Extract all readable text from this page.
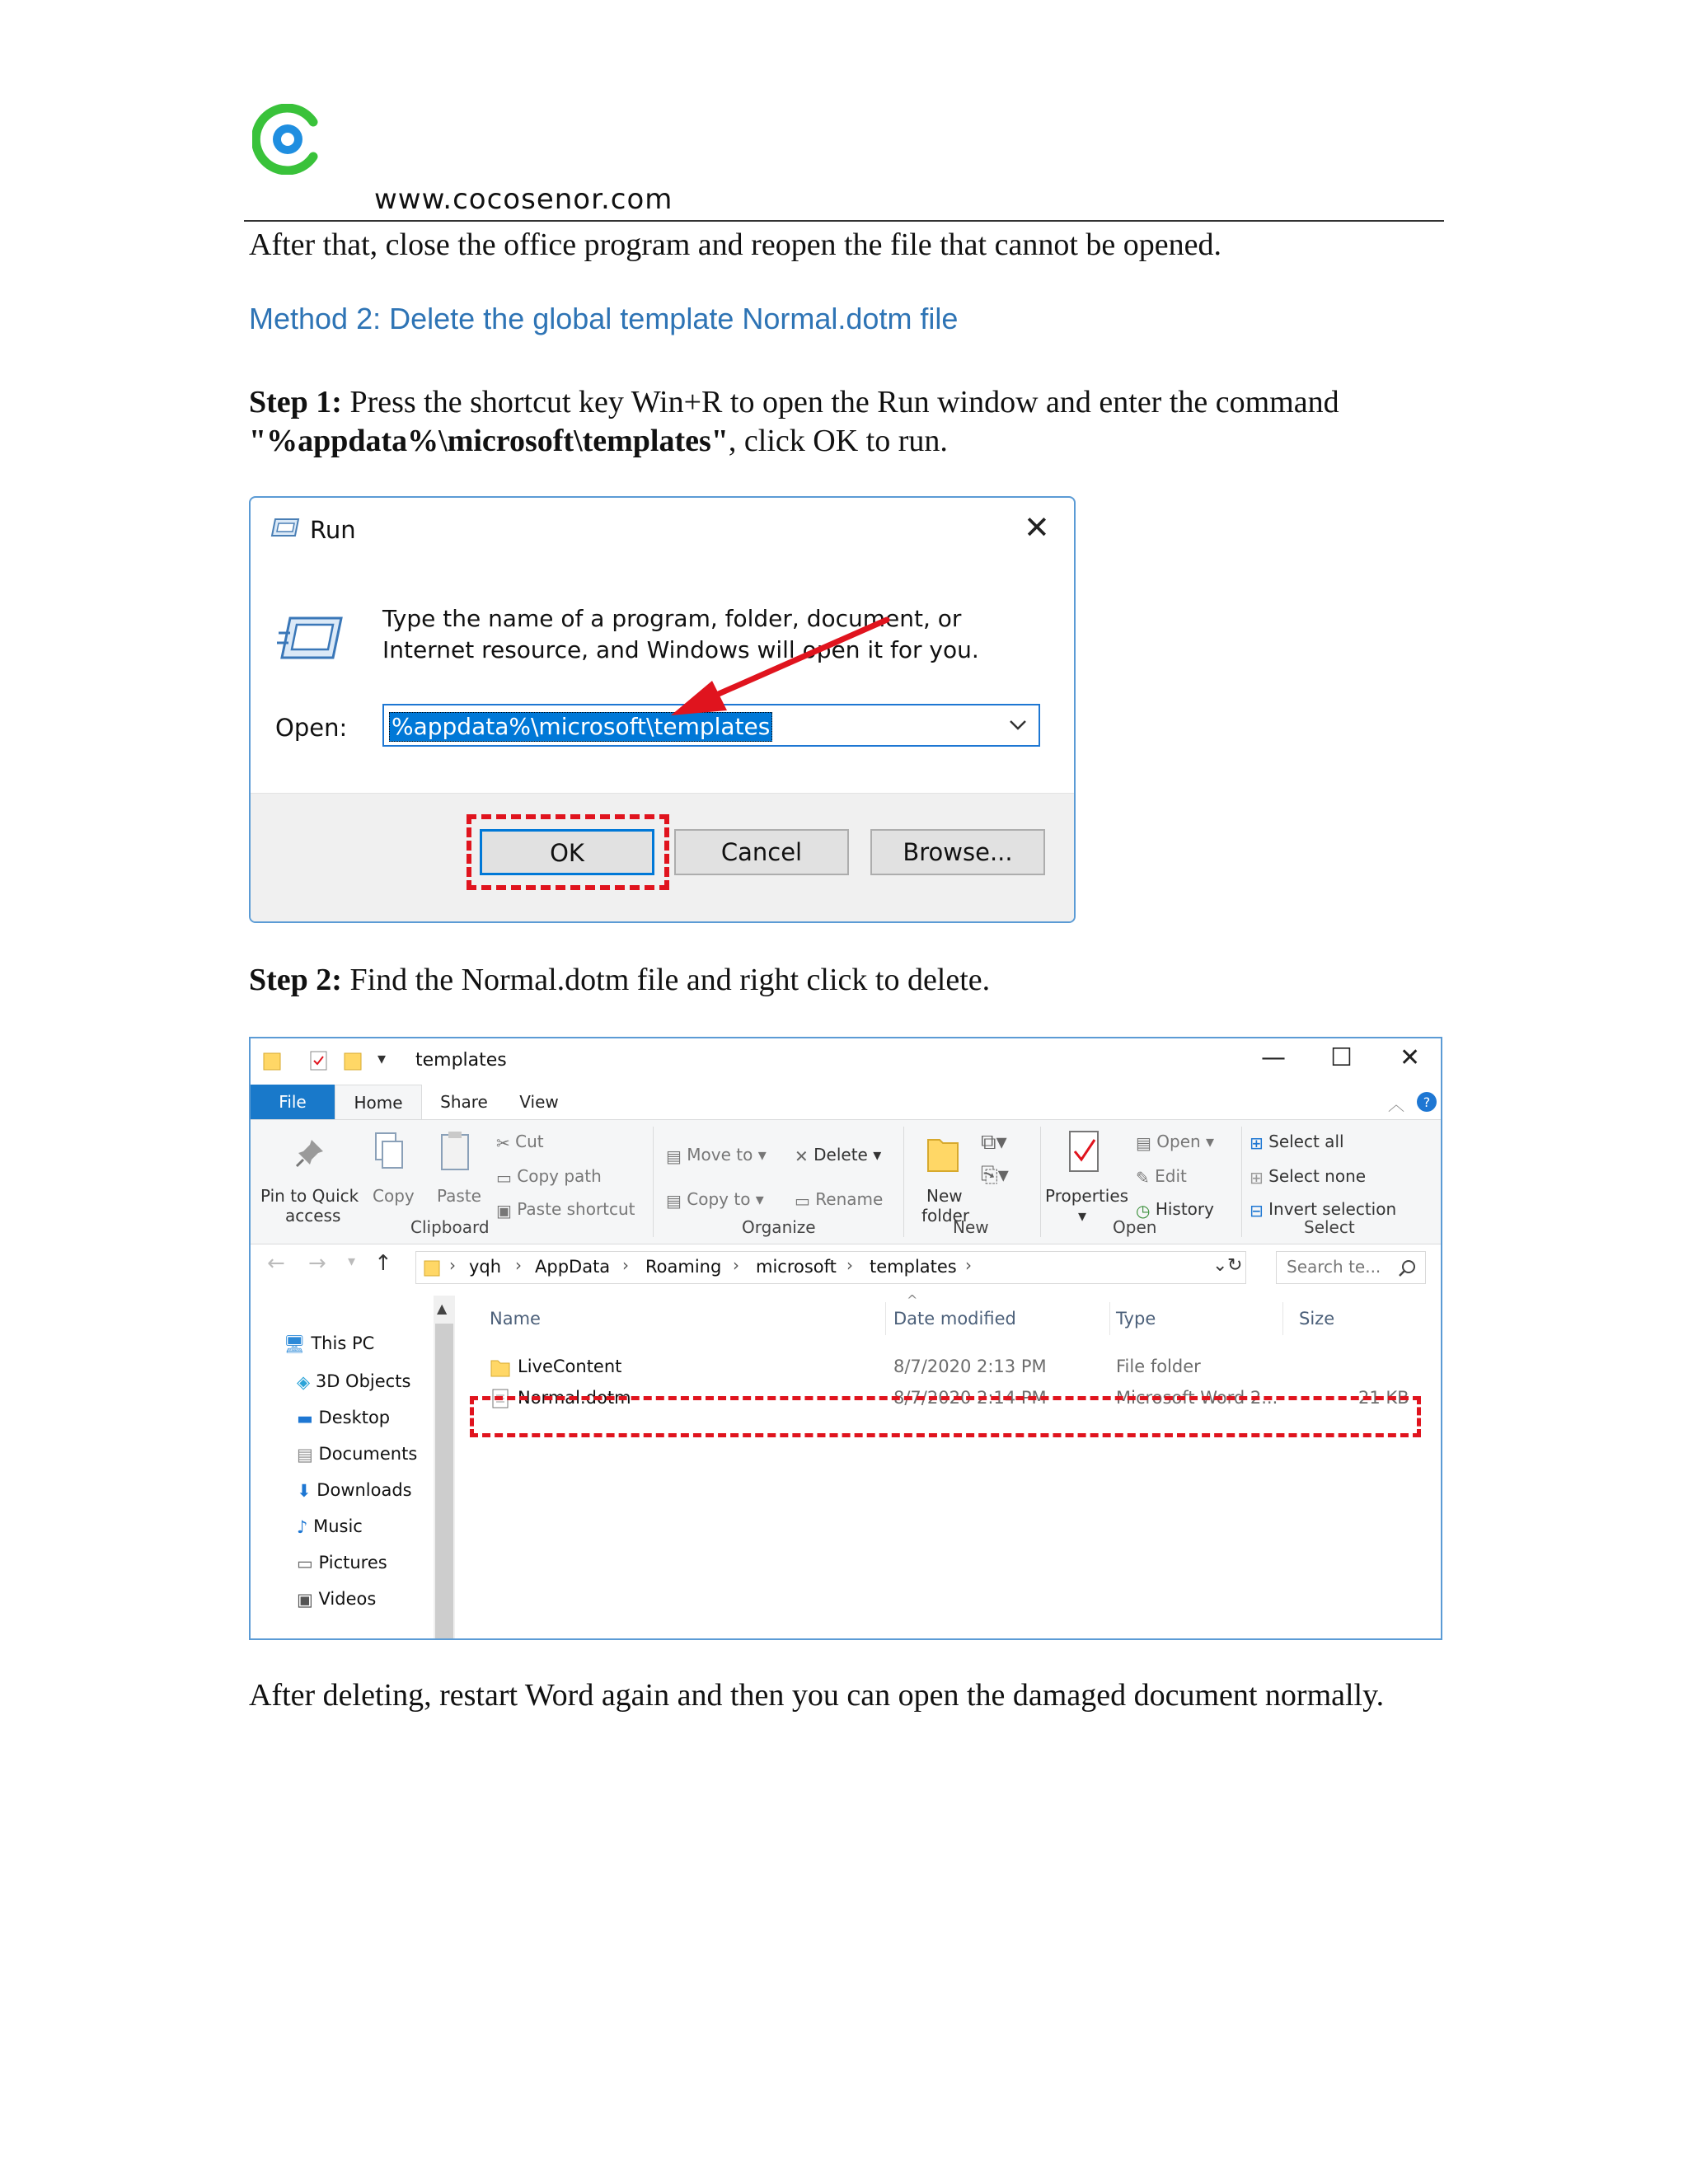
www.cocosenor.com
After that, close the office program and reopen the file that cannot be opened.
Method 2: Delete the global template Normal.dotm file
Step 1: Press the shortcut key Win+R to open the Run window and enter the command "%appdata%\microsoft\templates", click OK to run.
Run	✕
Type the name of a program, folder, document, or Internet resource, and Windows will open it for you.
Open: %appdata%\microsoft\templates
OK	Cancel	Browse...
Step 2: Find the Normal.dotm file and right click to delete.
▾ templates	— ☐ ✕
File	Home	Share	View	︿ ?
Pin to Quick
access
Copy Paste
✂ Cut
▭ Copy path
▣ Paste shortcut
Clipboard
▤ Move to ▾
▤ Copy to ▾
✕ Delete ▾
▭ Rename
Organize
New
folder
⧉▾
⎘▾
New
Properties
▾
▤ Open ▾
✎ Edit
◷ History
Open
⊞ Select all
⊞ Select none
⊟ Invert selection
Select
← → ▾ ↑	› yqh › AppData › Roaming › microsoft › templates ›	⌄ ↻	Search te...
🖥 This PC
◈ 3D Objects
▬ Desktop
▤ Documents
⬇ Downloads
♪ Music
▭ Pictures
▣ Videos
▲
^
Name	Date modified	Type	Size
LiveContent	8/7/2020 2:13 PM	File folder
Normal.dotm	8/7/2020 2:14 PM	Microsoft Word 2...	21 KB
After deleting, restart Word again and then you can open the damaged document normally.
